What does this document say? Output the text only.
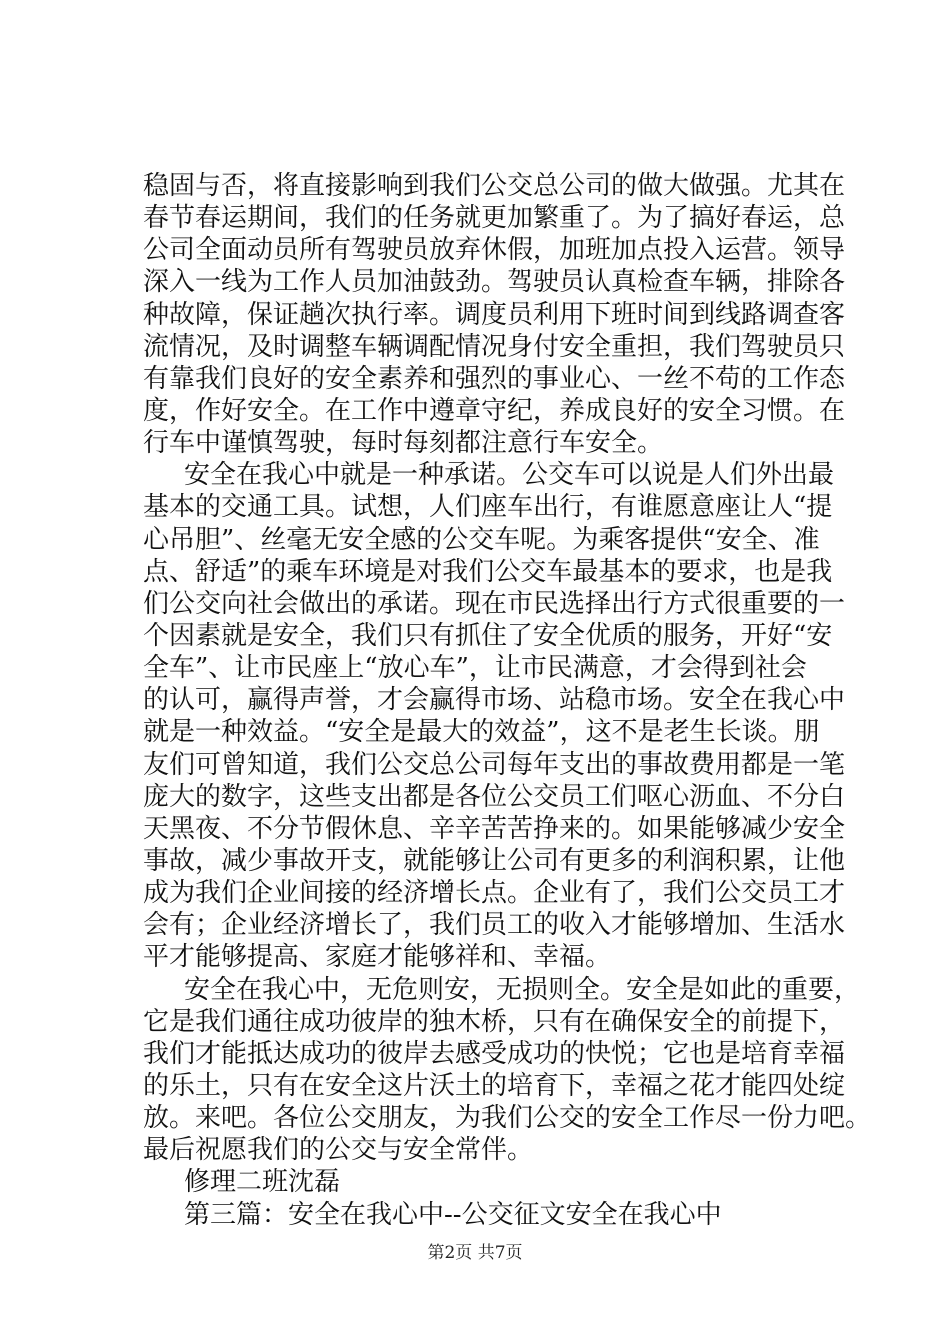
稳固与否，将直接影响到我们公交总公司的做大做强。尤其在
春节春运期间，我们的任务就更加繁重了。为了搞好春运，总
公司全面动员所有驾驶员放弃休假，加班加点投入运营。领导
深入一线为工作人员加油鼓劲。驾驶员认真检查车辆，排除各
种故障，保证趟次执行率。调度员利用下班时间到线路调查客
流情况，及时调整车辆调配情况身付安全重担，我们驾驶员只
有靠我们良好的安全素养和强烈的事业心、一丝不苟的工作态
度，作好安全。在工作中遵章守纪，养成良好的安全习惯。在
行车中谨慎驾驶，每时每刻都注意行车安全。
安全在我心中就是一种承诺。公交车可以说是人们外出最
基本的交通工具。试想，人们座车出行，有谁愿意座让人“提
心吊胆”、丝毫无安全感的公交车呢。为乘客提供“安全、准
点、舒适”的乘车环境是对我们公交车最基本的要求，也是我
们公交向社会做出的承诺。现在市民选择出行方式很重要的一
个因素就是安全，我们只有抓住了安全优质的服务，开好“安
全车”、让市民座上“放心车”，让市民满意，才会得到社会
的认可，赢得声誉，才会赢得市场、站稳市场。安全在我心中
就是一种效益。“安全是最大的效益”，这不是老生长谈。朋
友们可曾知道，我们公交总公司每年支出的事故费用都是一笔
庞大的数字，这些支出都是各位公交员工们呕心沥血、不分白
天黑夜、不分节假休息、辛辛苦苦挣来的。如果能够减少安全
事故，减少事故开支，就能够让公司有更多的利润积累，让他
成为我们企业间接的经济增长点。企业有了，我们公交员工才
会有；企业经济增长了，我们员工的收入才能够增加、生活水
平才能够提高、家庭才能够祥和、幸福。
安全在我心中，无危则安，无损则全。安全是如此的重要，
它是我们通往成功彼岸的独木桥，只有在确保安全的前提下，
我们才能抵达成功的彼岸去感受成功的快悦；它也是培育幸福
的乐土，只有在安全这片沃土的培育下，幸福之花才能四处绽
放。来吧。各位公交朋友，为我们公交的安全工作尽一份力吧。
最后祝愿我们的公交与安全常伴。
修理二班沈磊
第三篇：安全在我心中--公交征文安全在我心中
第2页 共7页
